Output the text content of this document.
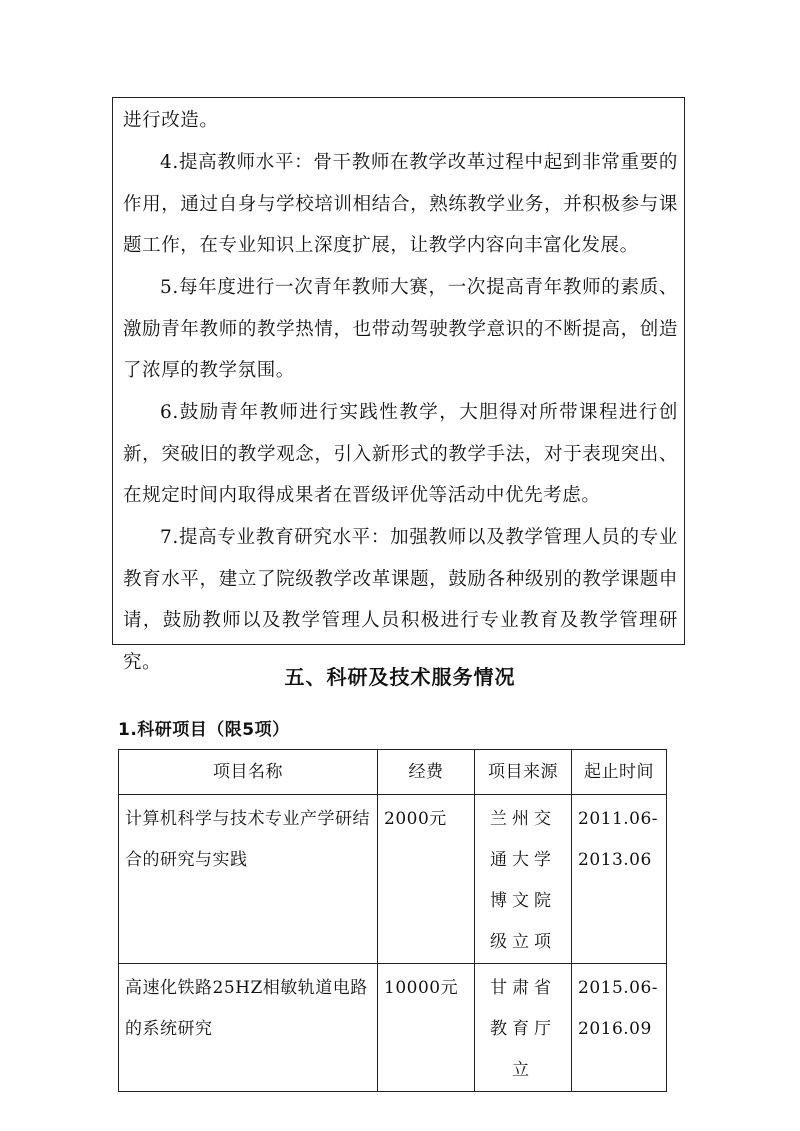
进行改造。

4.提高教师水平：骨干教师在教学改革过程中起到非常重要的作用，通过自身与学校培训相结合，熟练教学业务，并积极参与课题工作，在专业知识上深度扩展，让教学内容向丰富化发展。

5.每年度进行一次青年教师大赛，一次提高青年教师的素质、激励青年教师的教学热情，也带动驾驶教学意识的不断提高，创造了浓厚的教学氛围。

6.鼓励青年教师进行实践性教学，大胆得对所带课程进行创新，突破旧的教学观念，引入新形式的教学手法，对于表现突出、在规定时间内取得成果者在晋级评优等活动中优先考虑。

7.提高专业教育研究水平：加强教师以及教学管理人员的专业教育水平，建立了院级教学改革课题，鼓励各种级别的教学课题申请，鼓励教师以及教学管理人员积极进行专业教育及教学管理研究。

五、科研及技术服务情况
1.科研项目（限5项）
项目名称	经费	项目来源	起止时间

计算机科学与技术专业产学研结合的研究与实践	2000元	兰州交通大学博文院级立项	2011.06-2013.06

高速化铁路25HZ相敏轨道电路的系统研究	10000元	甘肃省教育厅立	2015.06-2016.09
